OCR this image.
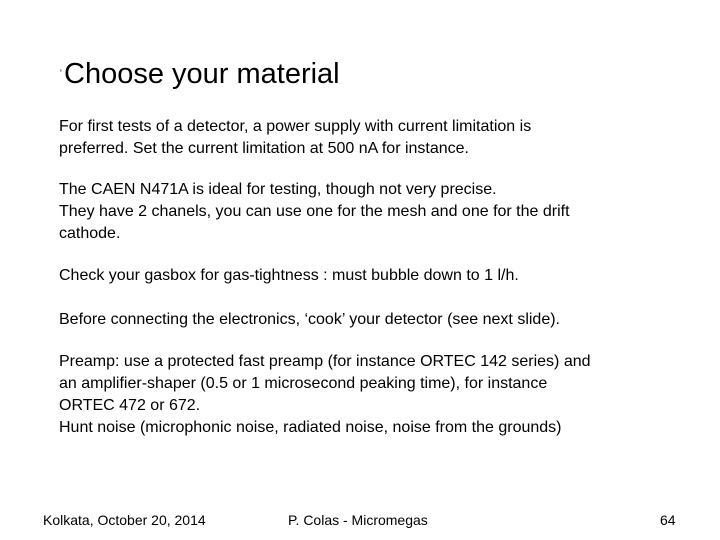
' Choose your material
For first tests of a detector, a power supply with current limitation is
preferred. Set the current limitation at 500 nA for instance.
The CAEN N471A is ideal for testing, though not very precise.
They have 2 chanels, you can use one for the mesh and one for the drift
cathode.
Check your gasbox for gas-tightness : must bubble down to 1 l/h.
Before connecting the electronics, ‘cook’ your detector (see next slide).
Preamp: use a protected fast preamp (for instance ORTEC 142 series) and
an amplifier-shaper (0.5 or 1 microsecond peaking time), for instance
ORTEC 472 or 672.
Hunt noise (microphonic noise, radiated noise, noise from the grounds)
Kolkata, October 20, 2014	P. Colas - Micromegas	64
